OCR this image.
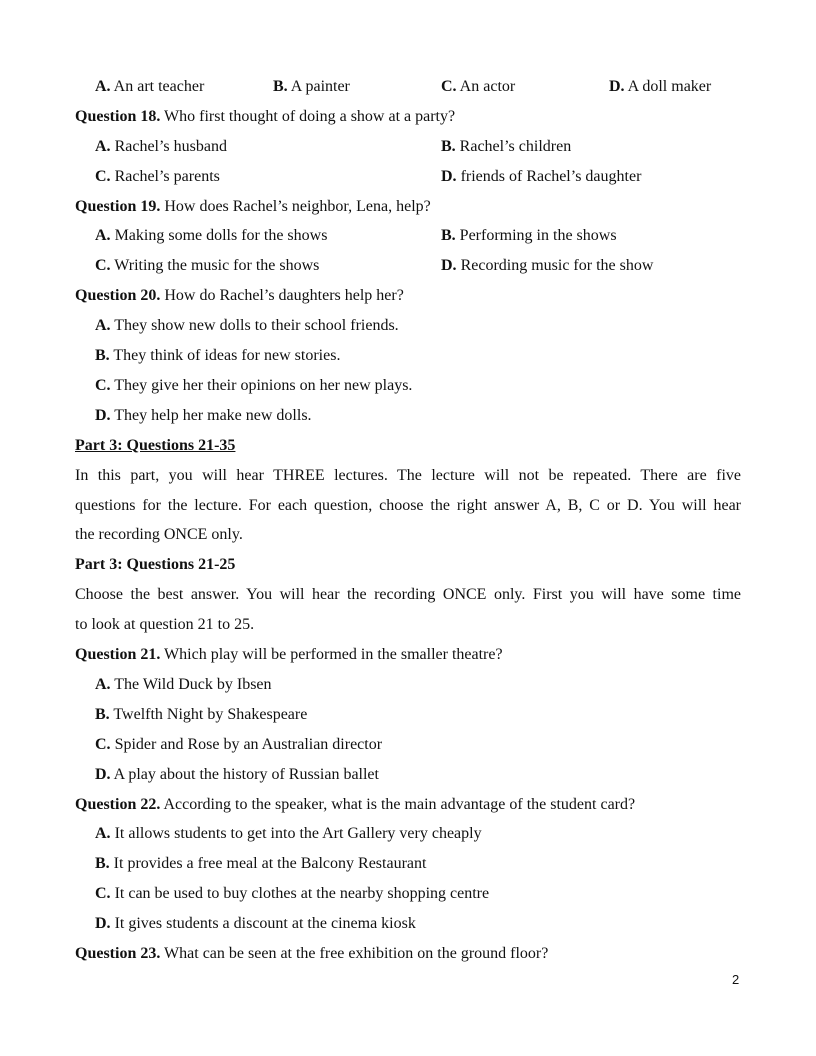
A. An art teacher	B. A painter	C. An actor	D. A doll maker
Question 18. Who first thought of doing a show at a party?
A. Rachel’s husband	B. Rachel’s children
C. Rachel’s parents	D. friends of Rachel’s daughter
Question 19. How does Rachel’s neighbor, Lena, help?
A. Making some dolls for the shows	B. Performing in the shows
C. Writing the music for the shows	D. Recording music for the show
Question 20. How do Rachel’s daughters help her?
A. They show new dolls to their school friends.
B. They think of ideas for new stories.
C. They give her their opinions on her new plays.
D. They help her make new dolls.
Part 3: Questions 21-35
In this part, you will hear THREE lectures. The lecture will not be repeated. There are five
questions for the lecture. For each question, choose the right answer A, B, C or D. You will hear
the recording ONCE only.
Part 3: Questions 21-25
Choose the best answer. You will hear the recording ONCE only. First you will have some time
to look at question 21 to 25.
Question 21. Which play will be performed in the smaller theatre?
A. The Wild Duck by Ibsen
B. Twelfth Night by Shakespeare
C. Spider and Rose by an Australian director
D. A play about the history of Russian ballet
Question 22. According to the speaker, what is the main advantage of the student card?
A. It allows students to get into the Art Gallery very cheaply
B. It provides a free meal at the Balcony Restaurant
C. It can be used to buy clothes at the nearby shopping centre
D. It gives students a discount at the cinema kiosk
Question 23. What can be seen at the free exhibition on the ground floor?
2
